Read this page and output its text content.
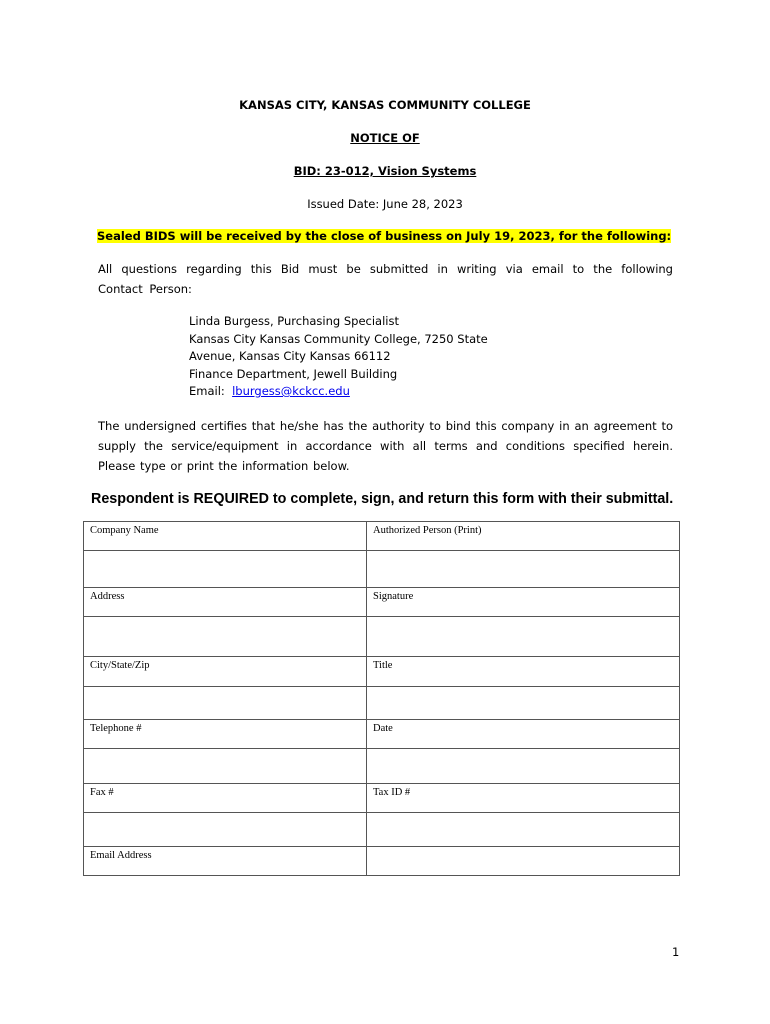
KANSAS CITY, KANSAS COMMUNITY COLLEGE
NOTICE OF
BID: 23-012, Vision Systems
Issued Date: June 28, 2023
Sealed BIDS will be received by the close of business on July 19, 2023, for the following:
All questions regarding this Bid must be submitted in writing via email to the following Contact Person:
Linda Burgess, Purchasing Specialist
Kansas City Kansas Community College, 7250 State
Avenue, Kansas City Kansas 66112
Finance Department, Jewell Building
Email: lburgess@kckcc.edu
The undersigned certifies that he/she has the authority to bind this company in an agreement to supply the service/equipment in accordance with all terms and conditions specified herein. Please type or print the information below.
Respondent is REQUIRED to complete, sign, and return this form with their submittal.
Company Name	Authorized Person (Print)

Address	Signature

City/State/Zip	Title

Telephone #	Date

Fax #	Tax ID #

Email Address	
1
